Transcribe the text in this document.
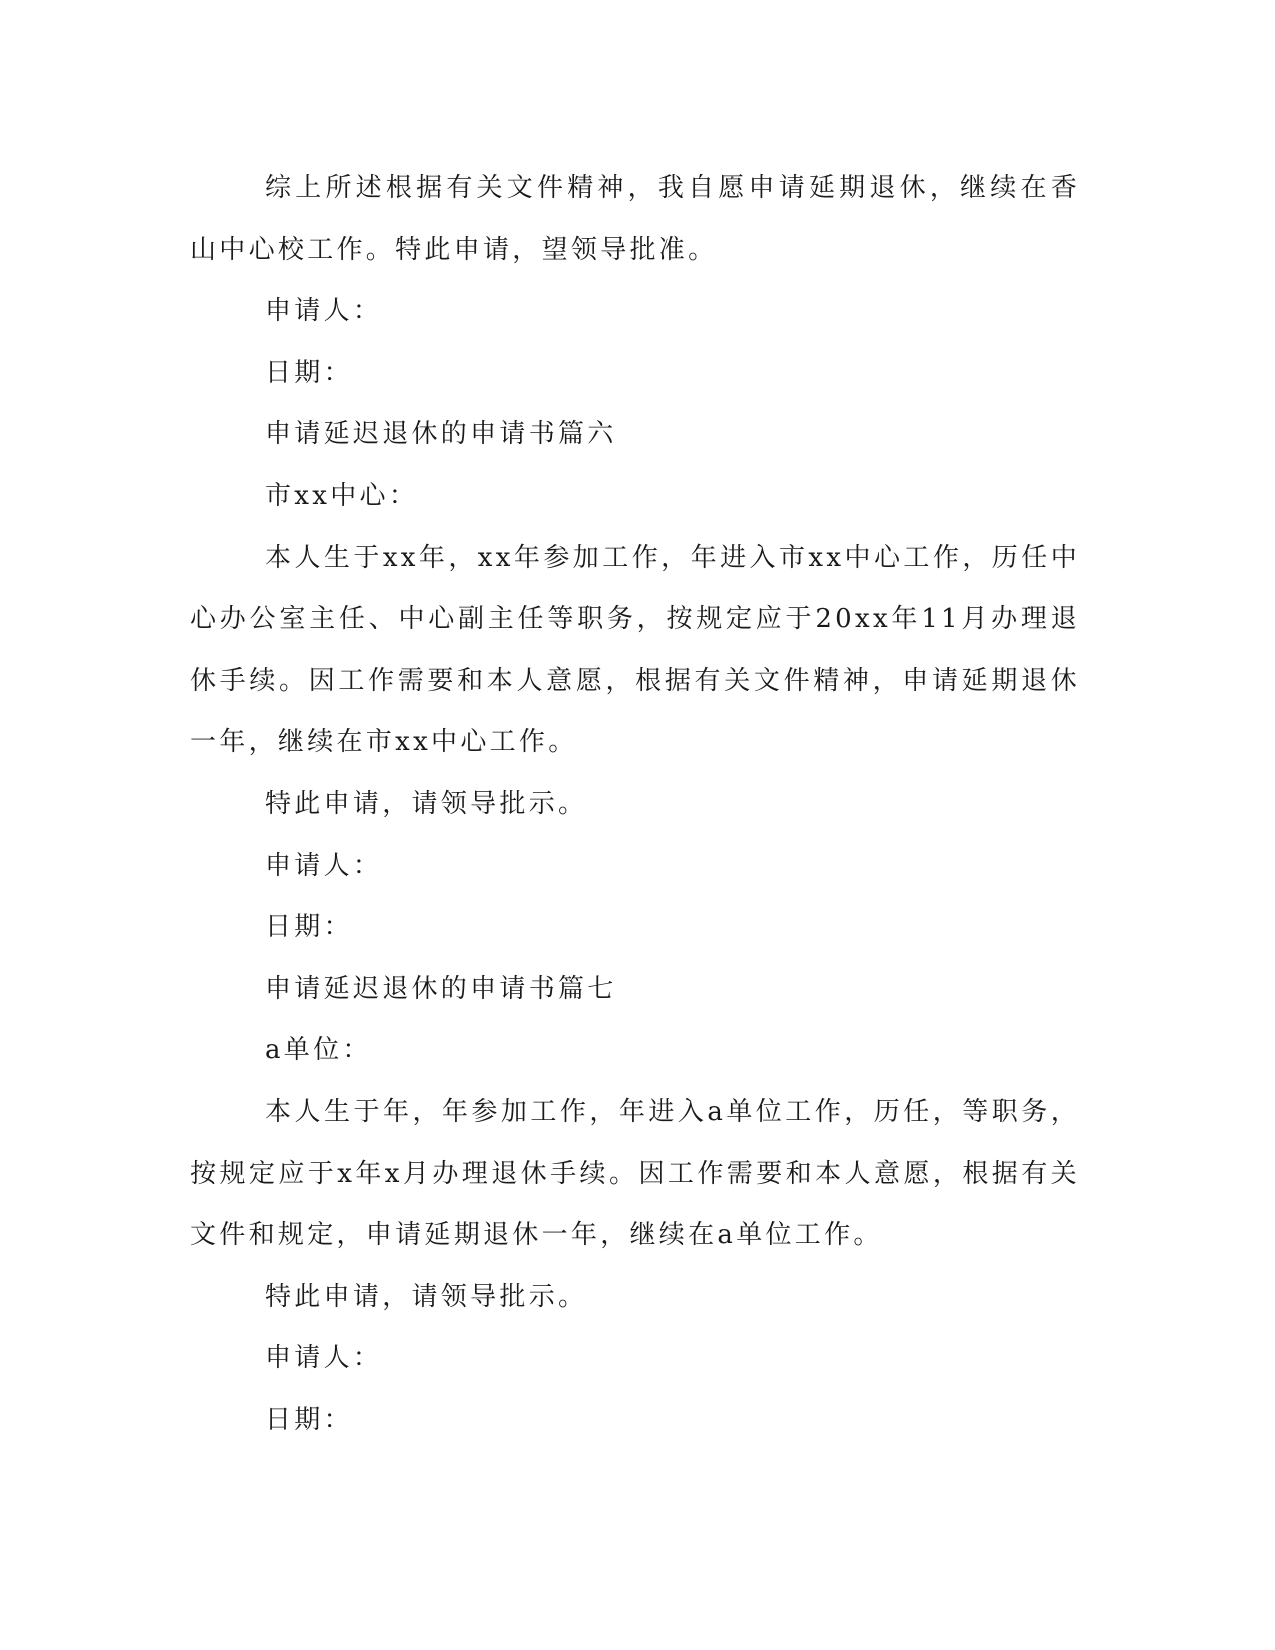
综上所述根据有关文件精神，我自愿申请延期退休，继续在香山中心校工作。特此申请，望领导批准。

申请人：

日期：

申请延迟退休的申请书篇六

市xx中心：

本人生于xx年，xx年参加工作，年进入市xx中心工作，历任中心办公室主任、中心副主任等职务，按规定应于20xx年11月办理退休手续。因工作需要和本人意愿，根据有关文件精神，申请延期退休一年，继续在市xx中心工作。

特此申请，请领导批示。

申请人：

日期：

申请延迟退休的申请书篇七

a单位：

本人生于年，年参加工作，年进入a单位工作，历任，等职务，按规定应于x年x月办理退休手续。因工作需要和本人意愿，根据有关文件和规定，申请延期退休一年，继续在a单位工作。

特此申请，请领导批示。

申请人：

日期：
